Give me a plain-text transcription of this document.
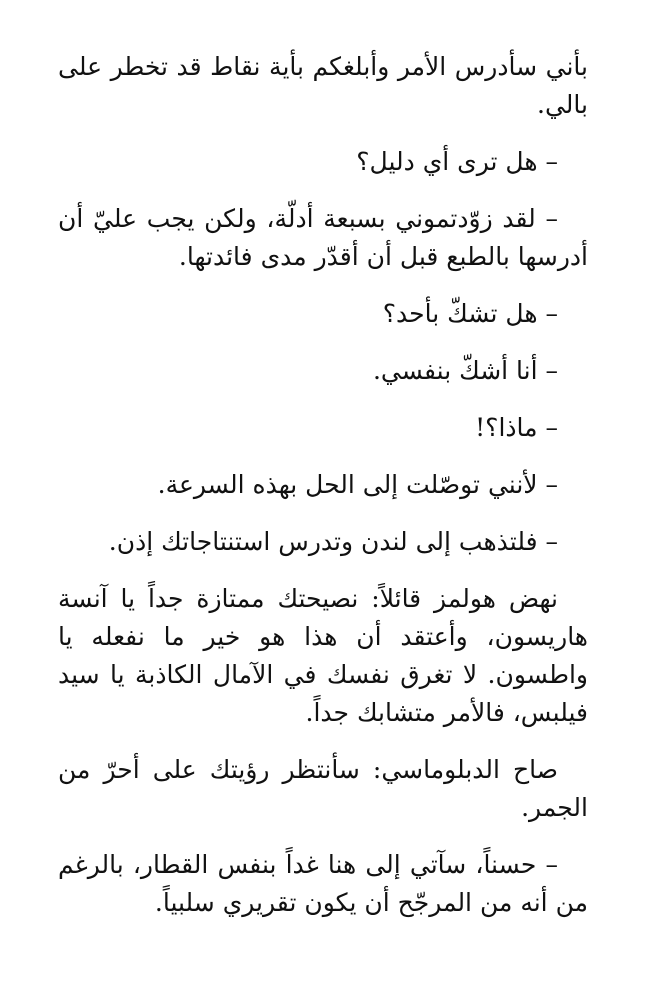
بأني سأدرس الأمر وأبلغكم بأية نقاط قد تخطر على بالي.

– هل ترى أي دليل؟

– لقد زوّدتموني بسبعة أدلّة، ولكن يجب عليّ أن أدرسها بالطبع قبل أن أقدّر مدى فائدتها.

– هل تشكّ بأحد؟

– أنا أشكّ بنفسي.

– ماذا؟!

– لأنني توصّلت إلى الحل بهذه السرعة.

– فلتذهب إلى لندن وتدرس استنتاجاتك إذن.

نهض هولمز قائلاً: نصيحتك ممتازة جداً يا آنسة هاريسون، وأعتقد أن هذا هو خير ما نفعله يا واطسون. لا تغرق نفسك في الآمال الكاذبة يا سيد فيلبس، فالأمر متشابك جداً.

صاح الدبلوماسي: سأنتظر رؤيتك على أحرّ من الجمر.

– حسناً، سآتي إلى هنا غداً بنفس القطار، بالرغم من أنه من المرجّح أن يكون تقريري سلبياً.
